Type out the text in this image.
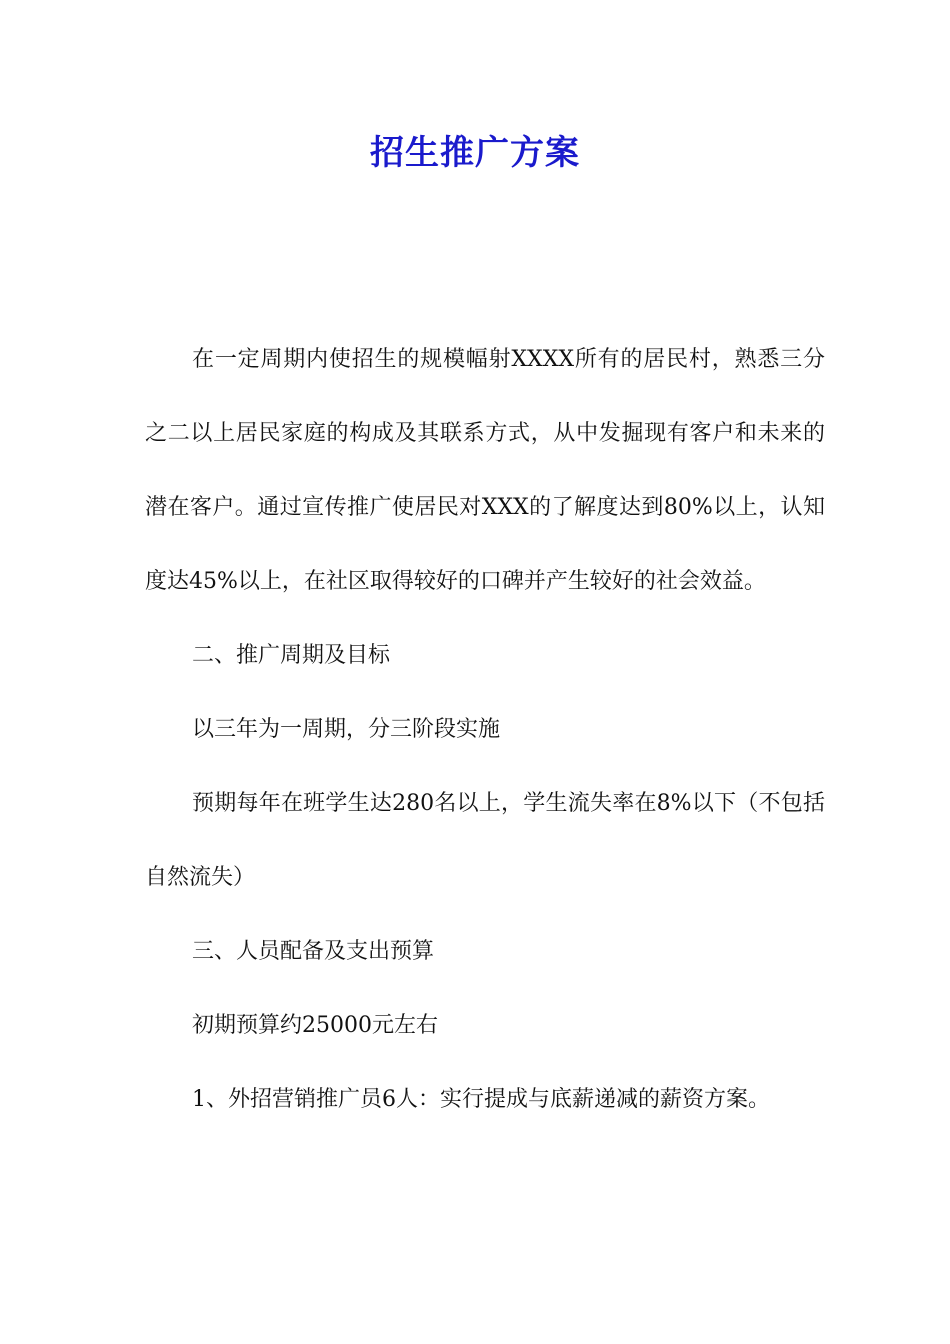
招生推广方案

在一定周期内使招生的规模幅射XXXX所有的居民村，熟悉三分之二以上居民家庭的构成及其联系方式，从中发掘现有客户和未来的潜在客户。通过宣传推广使居民对XXX的了解度达到80%以上，认知度达45%以上，在社区取得较好的口碑并产生较好的社会效益。

二、推广周期及目标

以三年为一周期，分三阶段实施

预期每年在班学生达280名以上，学生流失率在8%以下（不包括自然流失）

三、人员配备及支出预算

初期预算约25000元左右

1、外招营销推广员6人：实行提成与底薪递减的薪资方案。
